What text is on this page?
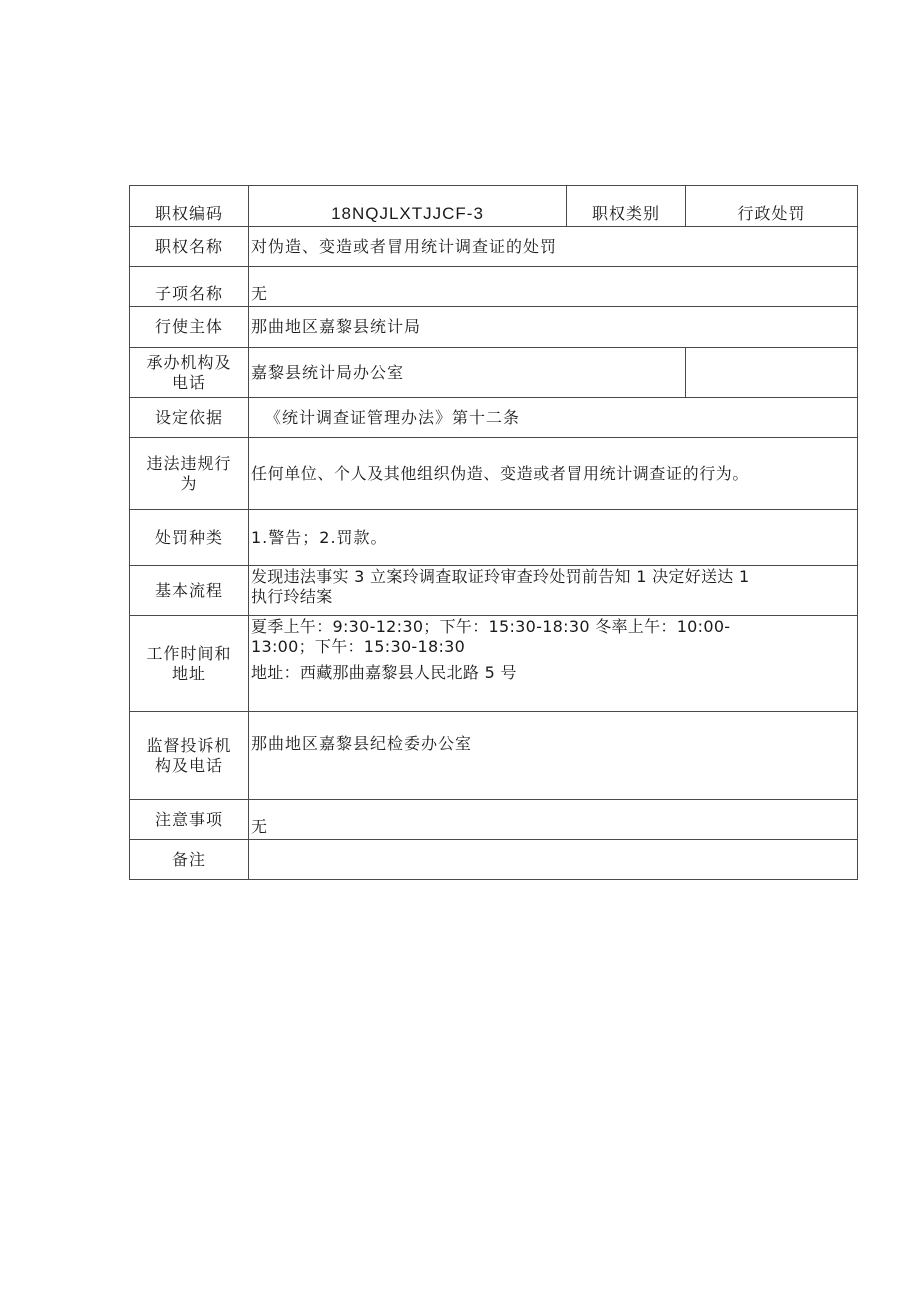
职权编码	18NQJLXTJJCF-3	职权类别	行政处罚
职权名称	对伪造、变造或者冒用统计调查证的处罚		
子项名称	无		
行使主体	那曲地区嘉黎县统计局		

承办机构及
电话	嘉黎县统计局办公室		
设定依据	《统计调查证管理办法》第十二条		

违法违规行
为	任何单位、个人及其他组织伪造、变造或者冒用统计调查证的行为。		
处罚种类	1.警告；2.罚款。		
基本流程	发现违法事实 3 立案玲调查取证玲审查玲处罚前告知 1 决定好送达 1
执行玲结案		

工作时间和
地址	夏季上午：9:30-12:30；下午：15:30-18:30 冬率上午：10:00-
13:00；下午：15:30-18:30
地址：西藏那曲嘉黎县人民北路 5 号		

监督投诉机
构及电话	那曲地区嘉黎县纪检委办公室		
注意事项	无		
备注			
